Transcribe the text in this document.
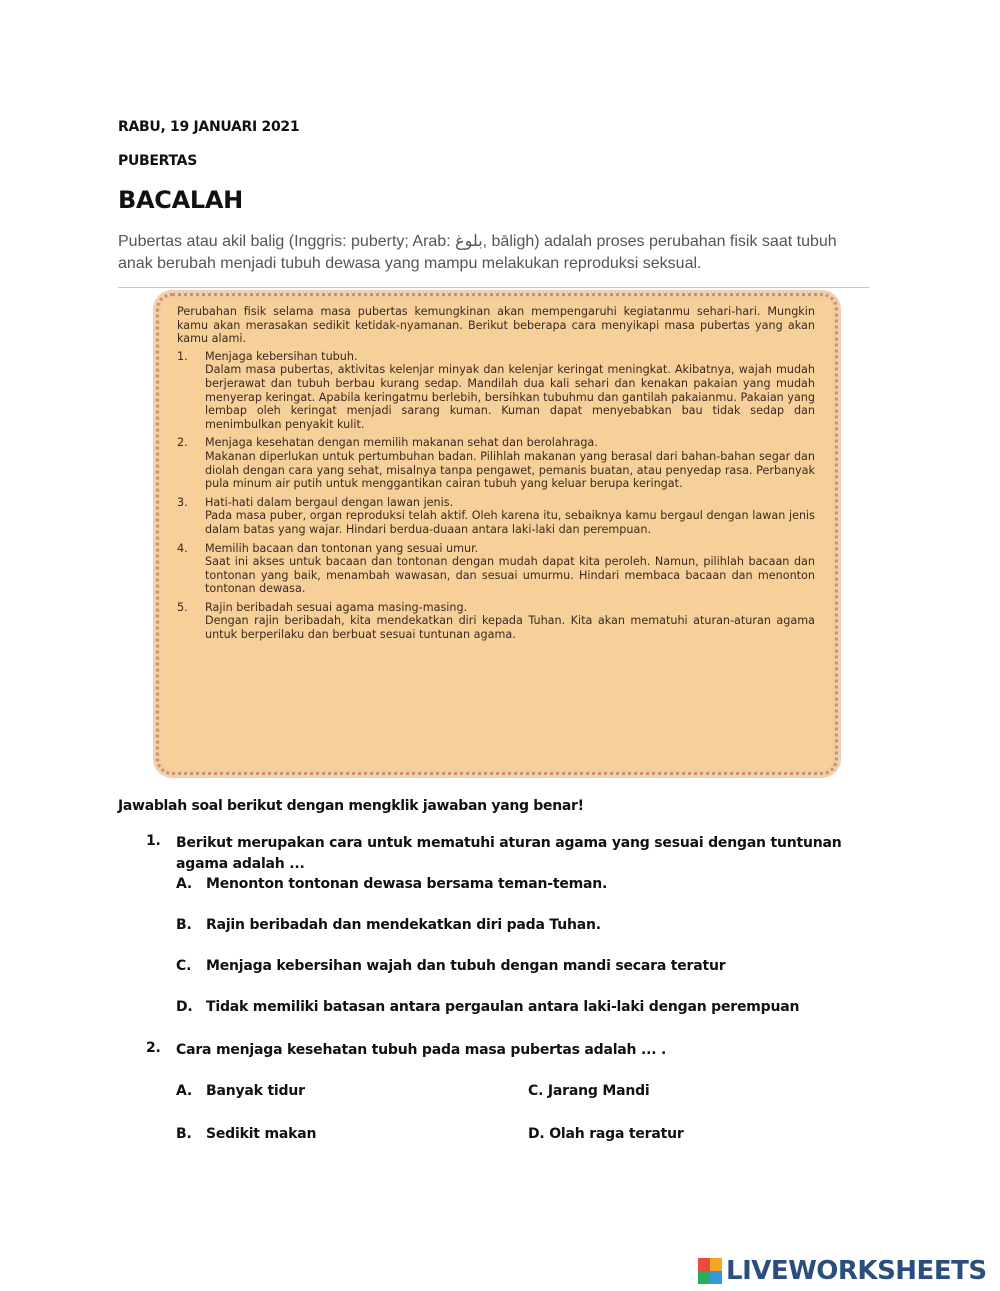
RABU, 19 JANUARI 2021
PUBERTAS
BACALAH
Pubertas atau akil balig (Inggris: puberty; Arab: بلوغ, bāligh) adalah proses perubahan fisik saat tubuh anak berubah menjadi tubuh dewasa yang mampu melakukan reproduksi seksual.

Perubahan fisik selama masa pubertas kemungkinan akan mempengaruhi kegiatanmu sehari-hari. Mungkin kamu akan merasakan sedikit ketidak-nyamanan. Berikut beberapa cara menyikapi masa pubertas yang akan kamu alami.

1. Menjaga kebersihan tubuh.
Dalam masa pubertas, aktivitas kelenjar minyak dan kelenjar keringat meningkat. Akibatnya, wajah mudah berjerawat dan tubuh berbau kurang sedap. Mandilah dua kali sehari dan kenakan pakaian yang mudah menyerap keringat. Apabila keringatmu berlebih, bersihkan tubuhmu dan gantilah pakaianmu. Pakaian yang lembap oleh keringat menjadi sarang kuman. Kuman dapat menyebabkan bau tidak sedap dan menimbulkan penyakit kulit.
2. Menjaga kesehatan dengan memilih makanan sehat dan berolahraga.
Makanan diperlukan untuk pertumbuhan badan. Pilihlah makanan yang berasal dari bahan-bahan segar dan diolah dengan cara yang sehat, misalnya tanpa pengawet, pemanis buatan, atau penyedap rasa. Perbanyak pula minum air putih untuk menggantikan cairan tubuh yang keluar berupa keringat.
3. Hati-hati dalam bergaul dengan lawan jenis.
Pada masa puber, organ reproduksi telah aktif. Oleh karena itu, sebaiknya kamu bergaul dengan lawan jenis dalam batas yang wajar. Hindari berdua-duaan antara laki-laki dan perempuan.
4. Memilih bacaan dan tontonan yang sesuai umur.
Saat ini akses untuk bacaan dan tontonan dengan mudah dapat kita peroleh. Namun, pilihlah bacaan dan tontonan yang baik, menambah wawasan, dan sesuai umurmu. Hindari membaca bacaan dan menonton tontonan dewasa.
5. Rajin beribadah sesuai agama masing-masing.
Dengan rajin beribadah, kita mendekatkan diri kepada Tuhan. Kita akan mematuhi aturan-aturan agama untuk berperilaku dan berbuat sesuai tuntunan agama.
Jawablah soal berikut dengan mengklik jawaban yang benar!
1. Berikut merupakan cara untuk mematuhi aturan agama yang sesuai dengan tuntunan agama adalah ...
A. Menonton tontonan dewasa bersama teman-teman.
B. Rajin beribadah dan mendekatkan diri pada Tuhan.
C. Menjaga kebersihan wajah dan tubuh dengan mandi secara teratur
D. Tidak memiliki batasan antara pergaulan antara laki-laki dengan perempuan
2. Cara menjaga kesehatan tubuh pada masa pubertas adalah ... .
A. Banyak tidur	C. Jarang Mandi
B. Sedikit makan	D. Olah raga teratur
LIVEWORKSHEETS
